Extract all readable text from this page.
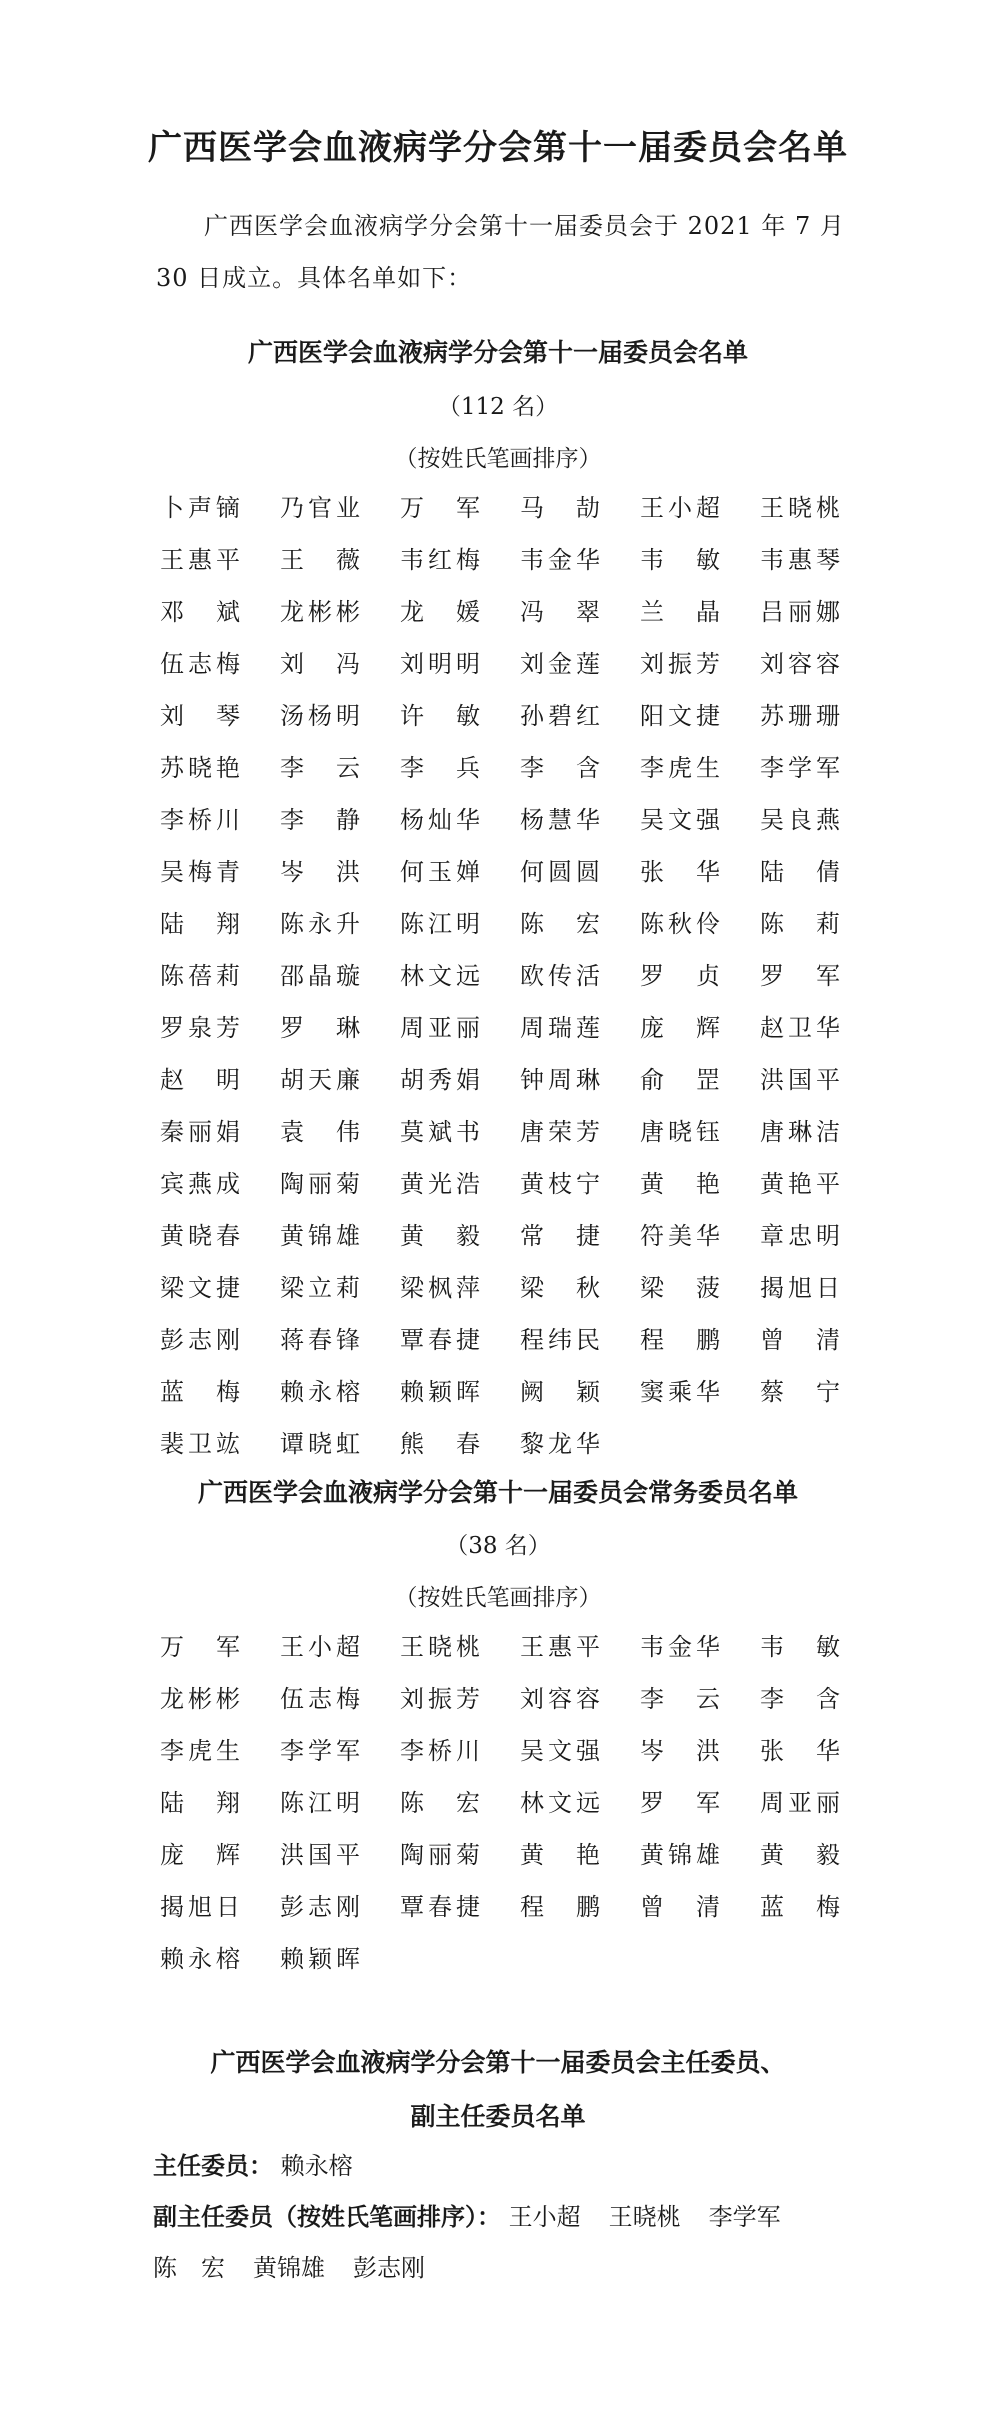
广西医学会血液病学分会第十一届委员会名单
广西医学会血液病学分会第十一届委员会于 2021 年 7 月 30 日成立。具体名单如下：
广西医学会血液病学分会第十一届委员会名单
（112 名）
（按姓氏笔画排序）
卜 声 镝 乃 官 业 万 军 马 劼 王 小 超 王 晓 桃
王 惠 平 王 薇 韦 红 梅 韦 金 华 韦 敏 韦 惠 琴
邓 斌 龙 彬 彬 龙 媛 冯 翠 兰 晶 吕 丽 娜
伍 志 梅 刘 冯 刘 明 明 刘 金 莲 刘 振 芳 刘 容 容
刘 琴 汤 杨 明 许 敏 孙 碧 红 阳 文 捷 苏 珊 珊
苏 晓 艳 李 云 李 兵 李 含 李 虎 生 李 学 军
李 桥 川 李 静 杨 灿 华 杨 慧 华 吴 文 强 吴 良 燕
吴 梅 青 岑 洪 何 玉 婵 何 圆 圆 张 华 陆 倩
陆 翔 陈 永 升 陈 江 明 陈 宏 陈 秋 伶 陈 莉
陈 蓓 莉 邵 晶 璇 林 文 远 欧 传 活 罗 贞 罗 军
罗 泉 芳 罗 琳 周 亚 丽 周 瑞 莲 庞 辉 赵 卫 华
赵 明 胡 天 廉 胡 秀 娟 钟 周 琳 俞 罡 洪 国 平
秦 丽 娟 袁 伟 莫 斌 书 唐 荣 芳 唐 晓 钰 唐 琳 洁
宾 燕 成 陶 丽 菊 黄 光 浩 黄 枝 宁 黄 艳 黄 艳 平
黄 晓 春 黄 锦 雄 黄 毅 常 捷 符 美 华 章 忠 明
梁 文 捷 梁 立 莉 梁 枫 萍 梁 秋 梁 菠 揭 旭 日
彭 志 刚 蒋 春 锋 覃 春 捷 程 纬 民 程 鹏 曾 清
蓝 梅 赖 永 榕 赖 颖 晖 阙 颖 窦 乘 华 蔡 宁
裴 卫 竑 谭 晓 虹 熊 春 黎 龙 华
广西医学会血液病学分会第十一届委员会常务委员名单
（38 名）
（按姓氏笔画排序）
万 军 王 小 超 王 晓 桃 王 惠 平 韦 金 华 韦 敏
龙 彬 彬 伍 志 梅 刘 振 芳 刘 容 容 李 云 李 含
李 虎 生 李 学 军 李 桥 川 吴 文 强 岑 洪 张 华
陆 翔 陈 江 明 陈 宏 林 文 远 罗 军 周 亚 丽
庞 辉 洪 国 平 陶 丽 菊 黄 艳 黄 锦 雄 黄 毅
揭 旭 日 彭 志 刚 覃 春 捷 程 鹏 曾 清 蓝 梅
赖 永 榕 赖 颖 晖
广西医学会血液病学分会第十一届委员会主任委员、
副主任委员名单
主任委员： 赖永榕
副主任委员（按姓氏笔画排序）： 王小超 王晓桃 李学军
陈　宏 黄锦雄 彭志刚
